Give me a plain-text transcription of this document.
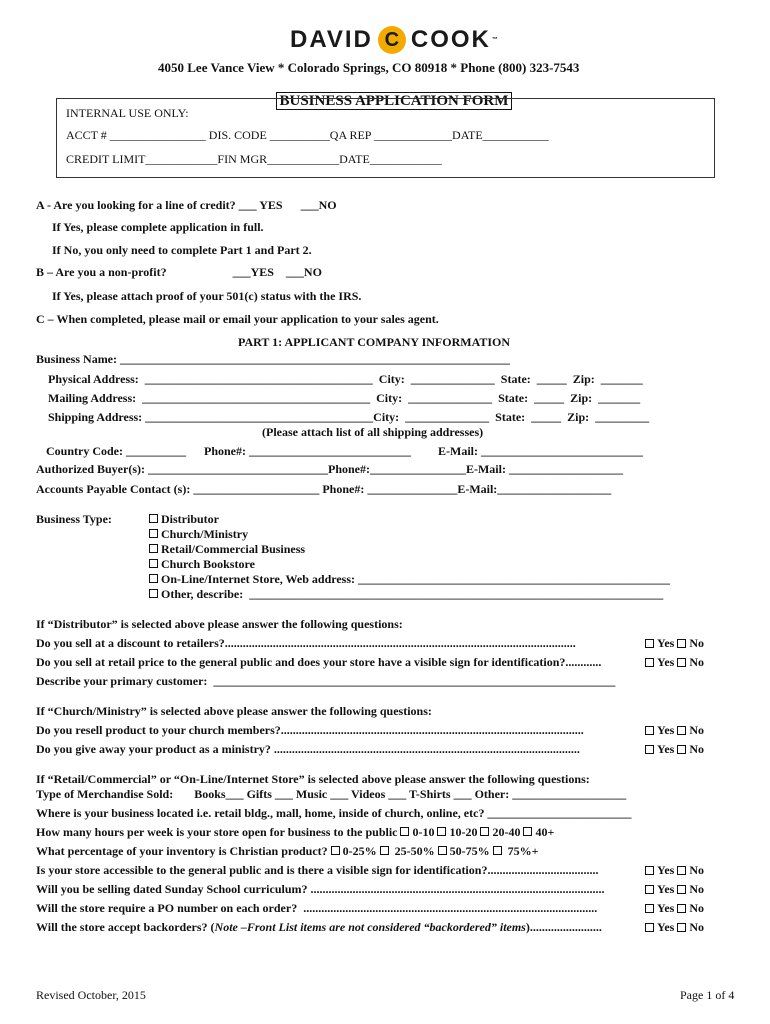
DAVID C COOK ™
4050 Lee Vance View * Colorado Springs, CO 80918 * Phone (800) 323-7543

BUSINESS APPLICATION FORM

INTERNAL USE ONLY:
ACCT # ________________ DIS. CODE __________QA REP _____________DATE___________
CREDIT LIMIT____________FIN MGR____________DATE____________
A - Are you looking for a line of credit? ___ YES      ___NO
If Yes, please complete application in full.
If No, you only need to complete Part 1 and Part 2.
B – Are you a non-profit?                      ___YES    ___NO
If Yes, please attach proof of your 501(c) status with the IRS.
C – When completed, please mail or email your application to your sales agent.
PART 1: APPLICANT COMPANY INFORMATION
Business Name: _________________________________________________________________
Physical Address:  ______________________________________  City:  ______________  State:  _____  Zip:  _______
Mailing Address:  ______________________________________  City:  ______________  State:  _____  Zip:  _______
Shipping Address: ______________________________________City:  ______________  State:  _____  Zip:  _________
(Please attach list of all shipping addresses)
Country Code: __________      Phone#: ___________________________         E-Mail: ___________________________
Authorized Buyer(s): ______________________________Phone#:________________E-Mail: ___________________
Accounts Payable Contact (s): _____________________ Phone#: _______________E-Mail:___________________
Business Type:	Distributor
Church/Ministry
Retail/Commercial Business
Church Bookstore
On-Line/Internet Store, Web address: ____________________________________________________
Other, describe:  _____________________________________________________________________
If “Distributor” is selected above please answer the following questions:
Do you sell at a discount to retailers?.....................................................................................................................	Yes No
Do you sell at retail price to the general public and does your store have a visible sign for identification?............	Yes No
Describe your primary customer:  ___________________________________________________________________
If “Church/Ministry” is selected above please answer the following questions:
Do you resell product to your church members?.....................................................................................................	Yes No
Do you give away your product as a ministry? ......................................................................................................	Yes No
If “Retail/Commercial” or “On-Line/Internet Store” is selected above please answer the following questions:
Type of Merchandise Sold:       Books___ Gifts ___ Music ___ Videos ___ T-Shirts ___ Other: ___________________
Where is your business located i.e. retail bldg., mall, home, inside of church, online, etc? ________________________
How many hours per week is your store open for business to the public
0-10
10-20
20-40
40+
What percentage of your inventory is Christian product?
0-25%
25-50%
50-75%
75%+
Is your store accessible to the general public and is there a visible sign for identification?.....................................	Yes No
Will you be selling dated Sunday School curriculum? ..................................................................................................	Yes No
Will the store require a PO number on each order?  ..................................................................................................	Yes No
Will the store accept backorders? (Note –Front List items are not considered “backordered” items)........................	Yes No
Revised October, 2015	Page 1 of 4
